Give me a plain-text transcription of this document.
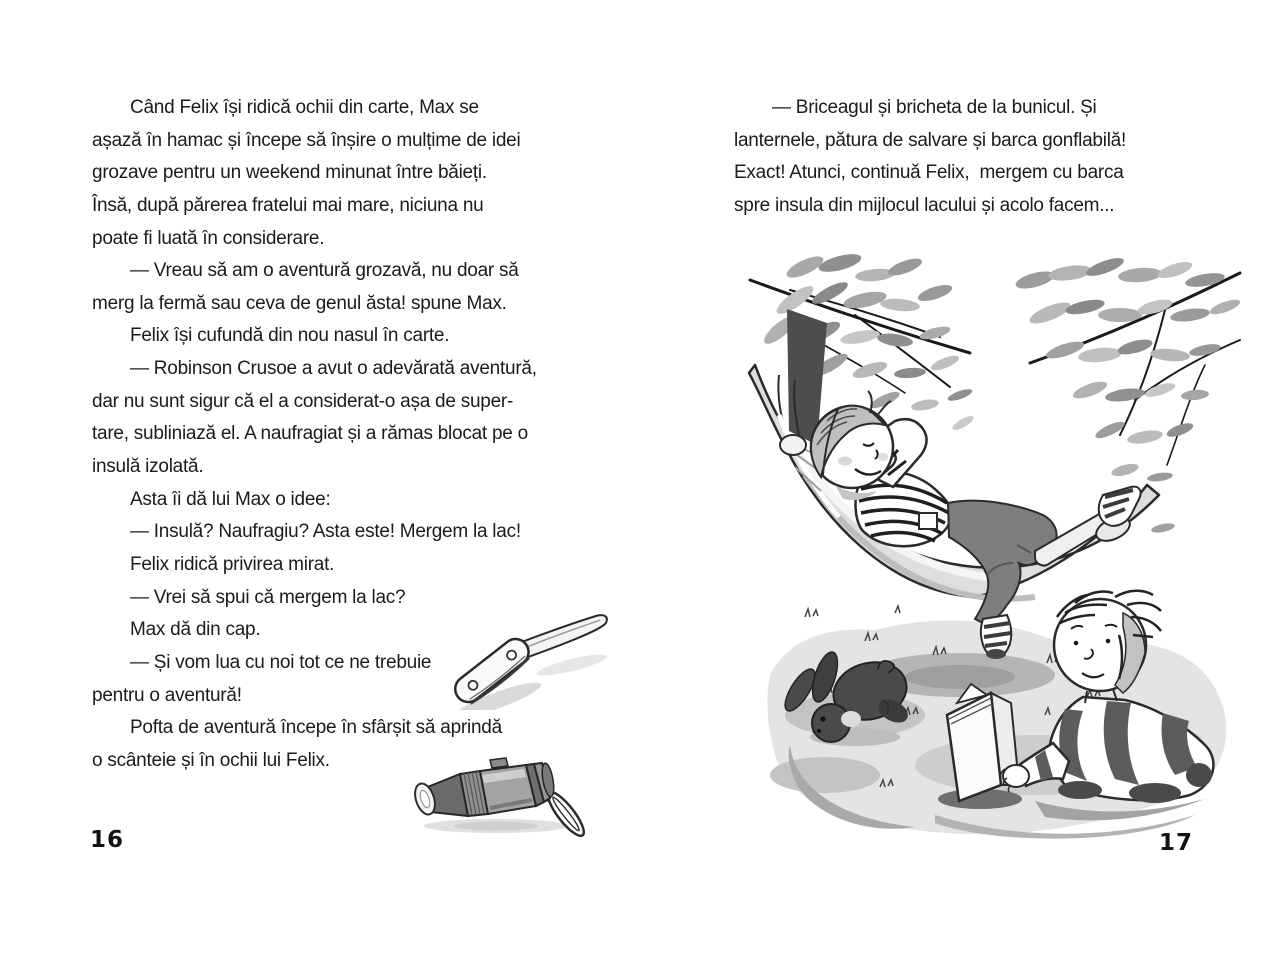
Când Felix își ridică ochii din carte, Max se
așază în hamac și începe să înșire o mulțime de idei
grozave pentru un weekend minunat între băieți.
Însă, după părerea fratelui mai mare, niciuna nu
poate fi luată în considerare.
— Vreau să am o aventură grozavă, nu doar să
merg la fermă sau ceva de genul ăsta! spune Max.
Felix își cufundă din nou nasul în carte.
— Robinson Crusoe a avut o adevărată aventură,
dar nu sunt sigur că el a considerat-o așa de super-
tare, subliniază el. A naufragiat și a rămas blocat pe o
insulă izolată.
Asta îi dă lui Max o idee:
— Insulă? Naufragiu? Asta este! Mergem la lac!
Felix ridică privirea mirat.
— Vrei să spui că mergem la lac?
Max dă din cap.
— Și vom lua cu noi tot ce ne trebuie
pentru o aventură!
Pofta de aventură începe în sfârșit să aprindă
o scânteie și în ochii lui Felix.
16
— Briceagul și bricheta de la bunicul. Și
lanternele, pătura de salvare și barca gonflabilă!
Exact! Atunci, continuă Felix,  mergem cu barca
spre insula din mijlocul lacului și acolo facem...
17
